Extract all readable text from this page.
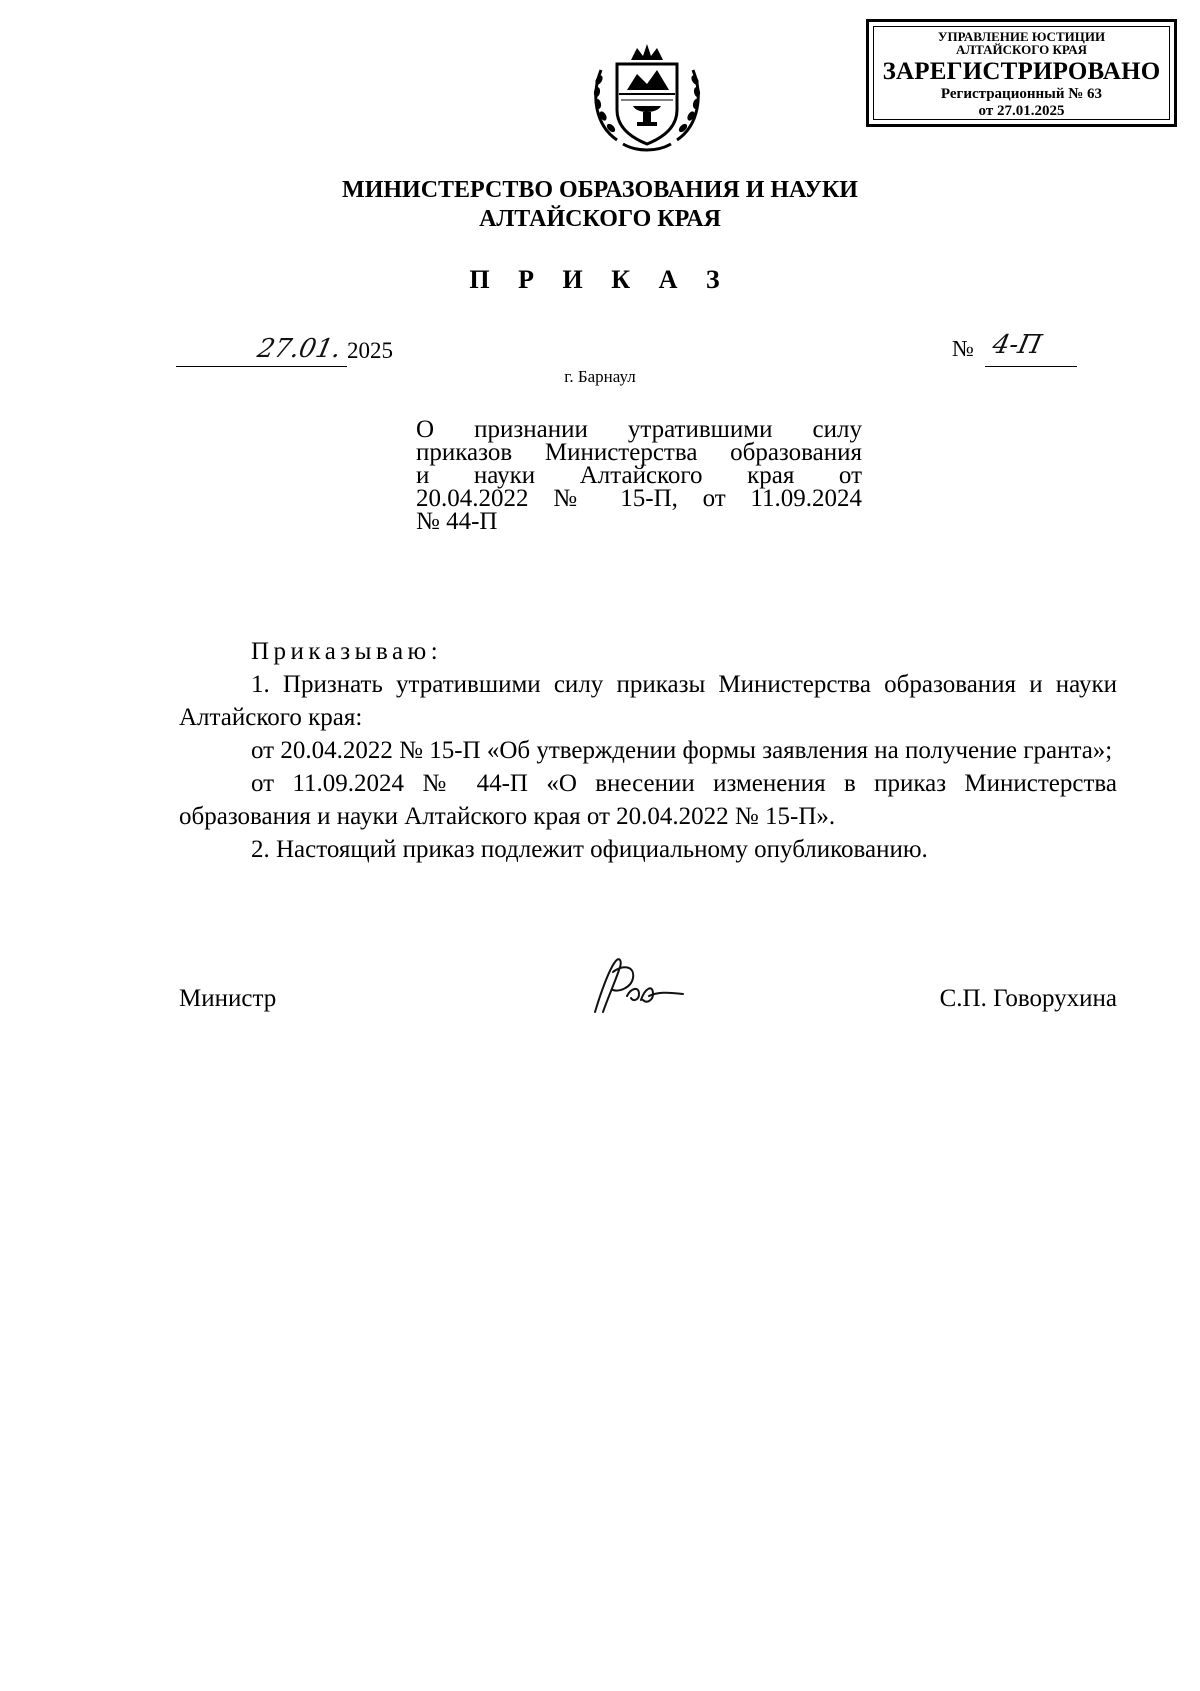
УПРАВЛЕНИЕ ЮСТИЦИИ
АЛТАЙСКОГО КРАЯ
ЗАРЕГИСТРИРОВАНО
Регистрационный № 63
от 27.01.2025
МИНИСТЕРСТВО ОБРАЗОВАНИЯ И НАУКИ
АЛТАЙСКОГО КРАЯ
П Р И К А З
27.01. 2025	№ 4-П
г. Барнаул

О признании утратившими силу

приказов Министерства образования

и науки Алтайского края от

20.04.2022 № 15-П, от 11.09.2024

№ 44-П

Приказываю:

1. Признать утратившими силу приказы Министерства образования и науки Алтайского края:

от 20.04.2022 № 15-П «Об утверждении формы заявления на получение гранта»;

от 11.09.2024 № 44-П «О внесении изменения в приказ Министерства образования и науки Алтайского края от 20.04.2022 № 15-П».

2. Настоящий приказ подлежит официальному опубликованию.

Министр	С.П. Говорухина
